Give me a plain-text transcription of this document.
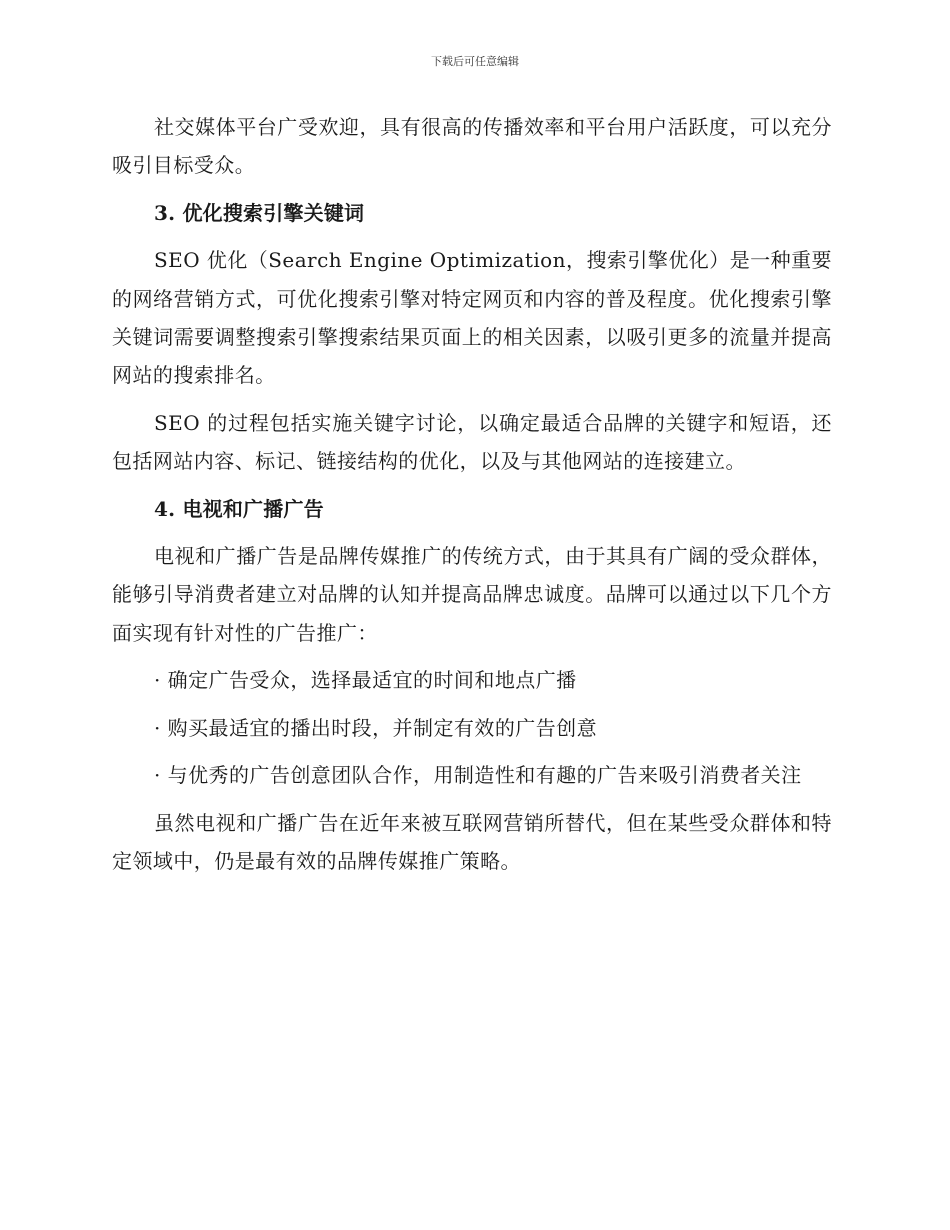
下载后可任意编辑

社交媒体平台广受欢迎，具有很高的传播效率和平台用户活跃度，可以充分吸引目标受众。

3. 优化搜索引擎关键词

SEO 优化（Search Engine Optimization，搜索引擎优化）是一种重要的网络营销方式，可优化搜索引擎对特定网页和内容的普及程度。优化搜索引擎关键词需要调整搜索引擎搜索结果页面上的相关因素，以吸引更多的流量并提高网站的搜索排名。

SEO 的过程包括实施关键字讨论，以确定最适合品牌的关键字和短语，还包括网站内容、标记、链接结构的优化，以及与其他网站的连接建立。

4. 电视和广播广告

电视和广播广告是品牌传媒推广的传统方式，由于其具有广阔的受众群体，能够引导消费者建立对品牌的认知并提高品牌忠诚度。品牌可以通过以下几个方面实现有针对性的广告推广：

· 确定广告受众，选择最适宜的时间和地点广播

· 购买最适宜的播出时段，并制定有效的广告创意

· 与优秀的广告创意团队合作，用制造性和有趣的广告来吸引消费者关注

虽然电视和广播广告在近年来被互联网营销所替代，但在某些受众群体和特定领域中，仍是最有效的品牌传媒推广策略。
